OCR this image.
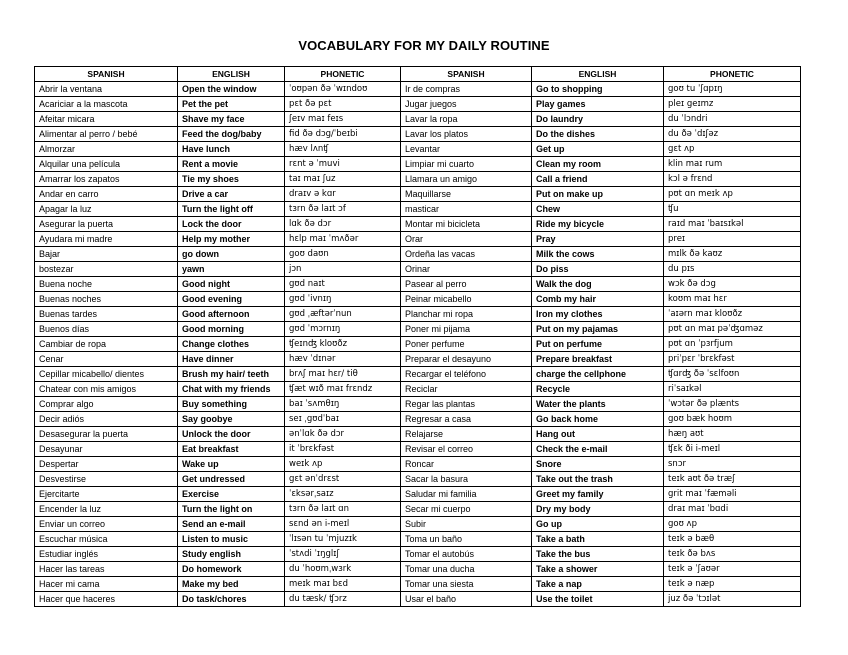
VOCABULARY FOR MY DAILY ROUTINE
SPANISH	ENGLISH	PHONETIC	SPANISH	ENGLISH	PHONETIC
Abrir la ventana	Open the window	ˈoʊpən ðə ˈwɪndoʊ	Ir de compras	Go to shopping	goʊ tu ˈʃɑpɪŋ
Acariciar a la mascota	Pet the pet	pɛt ðə pɛt	Jugar juegos	Play games	pleɪ geɪmz
Afeitar micara	Shave my face	ʃeɪv maɪ feɪs	Lavar la ropa	Do laundry	du ˈlɔndri
Alimentar al perro / bebé	Feed the dog/baby	fid ðə dɔg/ˈbeɪbi	Lavar los platos	Do the dishes	du ðə ˈdɪʃəz
Almorzar	Have lunch	hæv lʌnʧ	Levantar	Get up	gɛt ʌp
Alquilar una película	Rent a movie	rɛnt ə ˈmuvi	Limpiar mi cuarto	Clean my room	klin maɪ rum
Amarrar los zapatos	Tie my shoes	taɪ maɪ ʃuz	Llamara un amigo	Call a friend	kɔl ə frɛnd
Andar en carro	Drive a car	draɪv ə kɑr	Maquillarse	Put on make up	pʊt ɑn meɪk ʌp
Apagar la luz	Turn the light off	tɜrn ðə laɪt ɔf	masticar	Chew	ʧu
Asegurar la puerta	Lock the door	lɑk ðə dɔr	Montar mi bicicleta	Ride my bicycle	raɪd maɪ ˈbaɪsɪkəl
Ayudara mi madre	Help my mother	hɛlp maɪ ˈmʌðər	Orar	Pray	preɪ
Bajar	go down	goʊ daʊn	Ordeña las vacas	Milk the cows	mɪlk ðə kaʊz
bostezar	yawn	jɔn	Orinar	Do piss	du pɪs
Buena noche	Good night	gʊd naɪt	Pasear al perro	Walk the dog	wɔk ðə dɔg
Buenas noches	Good evening	gʊd ˈivnɪŋ	Peinar micabello	Comb my hair	koʊm maɪ hɛr
Buenas tardes	Good afternoon	gʊd ˌæftərˈnun	Planchar mi ropa	Iron my clothes	ˈaɪərn maɪ kloʊðz
Buenos días	Good morning	gʊd ˈmɔrnɪŋ	Poner mi pijama	Put on my pajamas	pʊt ɑn maɪ pəˈʤɑməz
Cambiar de ropa	Change clothes	ʧeɪnʤ kloʊðz	Poner perfume	Put on perfume	pʊt ɑn ˈpɜrfjum
Cenar	Have dinner	hæv ˈdɪnər	Preparar el desayuno	Prepare breakfast	priˈpɛr ˈbrɛkfəst
Cepillar micabello/ dientes	Brush my hair/ teeth	brʌʃ maɪ hɛr/ tiθ	Recargar el teléfono	charge the cellphone	ʧɑrʤ ðə ˈsɛlfoʊn
Chatear con mis amigos	Chat with my friends	ʧæt wɪð maɪ frɛndz	Reciclar	Recycle	riˈsaɪkəl
Comprar algo	Buy something	baɪ ˈsʌmθɪŋ	Regar las plantas	Water the plants	ˈwɔtər ðə plænts
Decir adiós	Say goobye	seɪ ˌgʊdˈbaɪ	Regresar a casa	Go back home	goʊ bæk hoʊm
Desasegurar la puerta	Unlock the door	ənˈlɑk ðə dɔr	Relajarse	Hang out	hæŋ aʊt
Desayunar	Eat breakfast	it ˈbrɛkfəst	Revisar el correo	Check the e-mail	ʧɛk ði i-meɪl
Despertar	Wake up	weɪk ʌp	Roncar	Snore	snɔr
Desvestirse	Get undressed	gɛt ənˈdrɛst	Sacar la basura	Take out the trash	teɪk aʊt ðə træʃ
Ejercitarte	Exercise	ˈɛksərˌsaɪz	Saludar mi familia	Greet my family	grit maɪ ˈfæməli
Encender la luz	Turn the light on	tɜrn ðə laɪt ɑn	Secar mi cuerpo	Dry my body	draɪ maɪ ˈbɑdi
Enviar un correo	Send an e-mail	sɛnd ən i-meɪl	Subir	Go up	goʊ ʌp
Escuchar música	Listen to music	ˈlɪsən tu ˈmjuzɪk	Toma un baño	Take a bath	teɪk ə bæθ
Estudiar inglés	Study english	ˈstʌdi ˈɪŋglɪʃ	Tomar el autobús	Take the bus	teɪk ðə bʌs
Hacer las tareas	Do homework	du ˈhoʊmˌwɜrk	Tomar una ducha	Take a shower	teɪk ə ˈʃaʊər
Hacer mi cama	Make my bed	meɪk maɪ bɛd	Tomar una siesta	Take a nap	teɪk ə næp
Hacer que haceres	Do task/chores	du tæsk/ ʧɔrz	Usar el baño	Use the toilet	juz ðə ˈtɔɪlət
